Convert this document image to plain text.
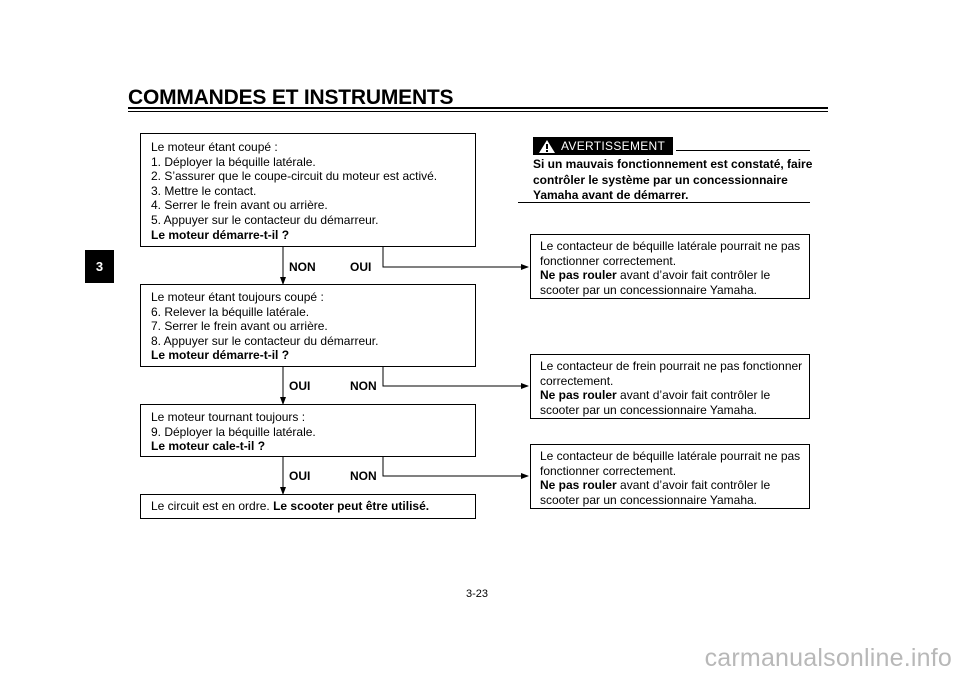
COMMANDES ET INSTRUMENTS
3
Le moteur étant coupé :
1. Déployer la béquille latérale.
2. S’assurer que le coupe-circuit du moteur est activé.
3. Mettre le contact.
4. Serrer le frein avant ou arrière.
5. Appuyer sur le contacteur du démarreur.
Le moteur démarre-t-il ?
NON	OUI
Le moteur étant toujours coupé :
6. Relever la béquille latérale.
7. Serrer le frein avant ou arrière.
8. Appuyer sur le contacteur du démarreur.
Le moteur démarre-t-il ?
OUI	NON
Le moteur tournant toujours :
9. Déployer la béquille latérale.
Le moteur cale-t-il ?
OUI	NON
Le circuit est en ordre. Le scooter peut être utilisé.
AVERTISSEMENT
Si un mauvais fonctionnement est constaté, faire
contrôler le système par un concessionnaire
Yamaha avant de démarrer.
Le contacteur de béquille latérale pourrait ne pas
fonctionner correctement.
Ne pas rouler avant d’avoir fait contrôler le
scooter par un concessionnaire Yamaha.
Le contacteur de frein pourrait ne pas fonctionner
correctement.
Ne pas rouler avant d’avoir fait contrôler le
scooter par un concessionnaire Yamaha.
Le contacteur de béquille latérale pourrait ne pas
fonctionner correctement.
Ne pas rouler avant d’avoir fait contrôler le
scooter par un concessionnaire Yamaha.
3-23
carmanualsonline.info
